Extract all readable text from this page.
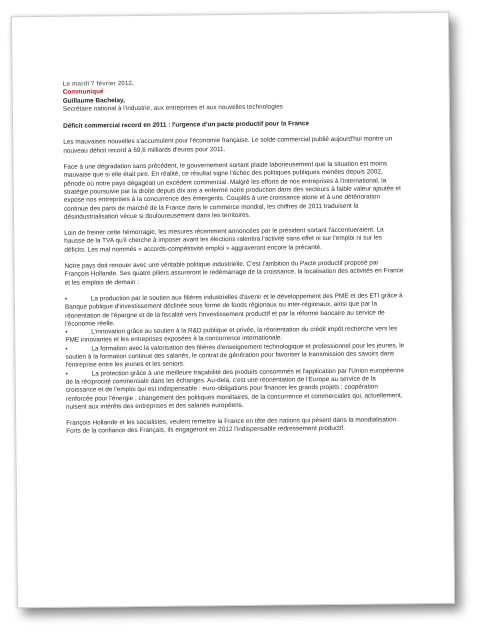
Le mardi 7 février 2012,
Communiqué
Guillaume Bachelay,
Secrétaire national à l'industrie, aux entreprises et aux nouvelles technologies
Déficit commercial record en 2011 : l'urgence d'un pacte productif pour la France

Les mauvaises nouvelles s'accumulent pour l'économie française. Le solde commercial publié aujourd'hui montre un nouveau déficit record à 69,6 milliards d'euros pour 2011.

Face à une dégradation sans précédent, le gouvernement sortant plaide laborieusement que la situation est moins mauvaise que si elle était pire. En réalité, ce résultat signe l'échec des politiques publiques menées depuis 2002, période où notre pays dégageait un excédent commercial. Malgré les efforts de nos entreprises à l'international, la stratégie poursuivie par la droite depuis dix ans a enfermé notre production dans des secteurs à faible valeur ajoutée et expose nos entreprises à la concurrence des émergents. Couplés à une croissance atone et à une détérioration continue des parts de marché de la France dans le commerce mondial, les chiffres de 2011 traduisent la désindustrialisation vécue si douloureusement dans les territoires.

Loin de freiner cette hémorragie, les mesures récemment annoncées par le président sortant l'accentueraient. La hausse de la TVA qu'il cherche à imposer avant les élections ralentira l'activité sans effet ni sur l'emploi ni sur les déficits. Les mal nommés « accords-compétitivité emploi » aggraveront encore la précarité.

Notre pays doit renouer avec une véritable politique industrielle. C'est l'ambition du Pacte productif proposé par François Hollande. Ses quatre piliers assureront le redémarrage de la croissance, la localisation des activités en France et les emplois de demain :

•	La production par le soutien aux filières industrielles d'avenir et le développement des PME et des ETI grâce à Banque publique d'investissement déclinée sous forme de fonds régionaux ou inter-régionaux, ainsi que par la réorientation de l'épargne et de la fiscalité vers l'investissement productif et par la réforme bancaire au service de l'économie réelle.
•	L'innovation grâce au soutien à la R&D publique et privée, la réorientation du crédit impôt recherche vers les PME innovantes et les entreprises exposées à la concurrence internationale.
•	La formation avec la valorisation des filières d'enseignement technologique et professionnel pour les jeunes, le soutien à la formation continue des salariés, le contrat de génération pour favoriser la transmission des savoirs dans l'entreprise entre les jeunes et les seniors.
•	La protection grâce à une meilleure traçabilité des produits consommés et l'application par l'Union européenne de la réciprocité commerciale dans les échanges. Au-delà, c'est une réorientation de l'Europe au service de la croissance et de l'emploi qui est indispensable : euro-obligations pour financer les grands projets ; coopération renforcée pour l'énergie ; changement des politiques monétaires, de la concurrence et commerciales qui, actuellement, nuisent aux intérêts des entreprises et des salariés européens.

François Hollande et les socialistes, veulent remettre la France en tête des nations qui pèsent dans la mondialisation. Forts de la confiance des Français, ils engageront en 2012 l'indispensable redressement productif.
